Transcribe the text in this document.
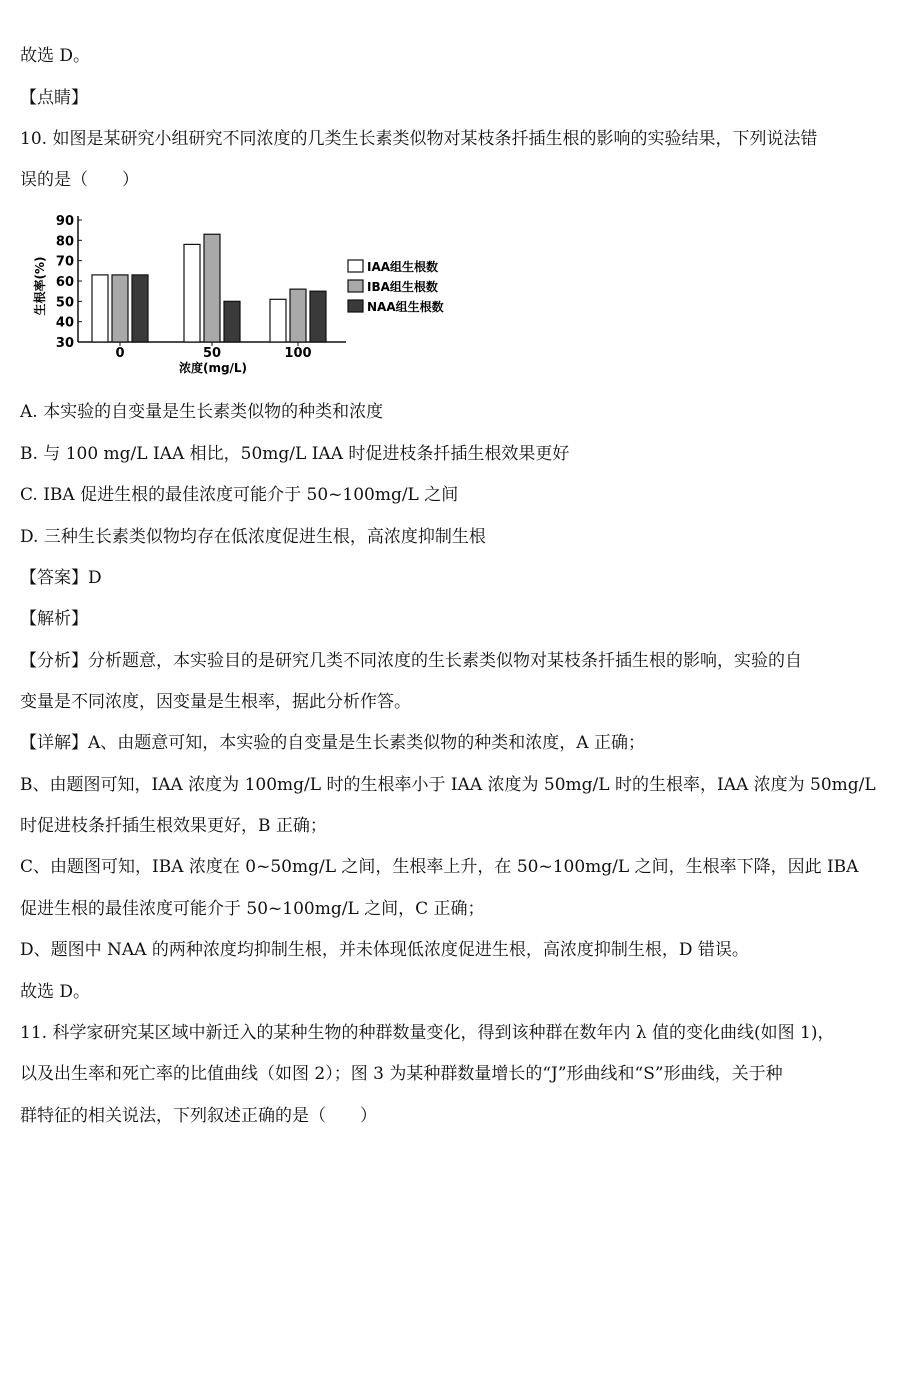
故选 D。
【点睛】
10. 如图是某研究小组研究不同浓度的几类生长素类似物对某枝条扦插生根的影响的实验结果，下列说法错
误的是（　　）
30
40
50
60
70
80
90
0	50	100
IAA组生根数
IBA组生根数
NAA组生根数
生根率(%)
浓度(mg/L)
A. 本实验的自变量是生长素类似物的种类和浓度
B. 与 100 mg/L IAA 相比，50mg/L IAA 时促进枝条扦插生根效果更好
C. IBA 促进生根的最佳浓度可能介于 50~100mg/L 之间
D. 三种生长素类似物均存在低浓度促进生根，高浓度抑制生根
【答案】D
【解析】
【分析】分析题意，本实验目的是研究几类不同浓度的生长素类似物对某枝条扦插生根的影响，实验的自
变量是不同浓度，因变量是生根率，据此分析作答。
【详解】A、由题意可知，本实验的自变量是生长素类似物的种类和浓度，A 正确；
B、由题图可知，IAA 浓度为 100mg/L 时的生根率小于 IAA 浓度为 50mg/L 时的生根率，IAA 浓度为 50mg/L
时促进枝条扦插生根效果更好，B 正确；
C、由题图可知，IBA 浓度在 0~50mg/L 之间，生根率上升，在 50~100mg/L 之间，生根率下降，因此 IBA
促进生根的最佳浓度可能介于 50~100mg/L 之间，C 正确；
D、题图中 NAA 的两种浓度均抑制生根，并未体现低浓度促进生根，高浓度抑制生根，D 错误。
故选 D。
11. 科学家研究某区域中新迁入的某种生物的种群数量变化，得到该种群在数年内 λ 值的变化曲线(如图 1)，
以及出生率和死亡率的比值曲线（如图 2）；图 3 为某种群数量增长的“J”形曲线和“S”形曲线，关于种
群特征的相关说法，下列叙述正确的是（　　）
